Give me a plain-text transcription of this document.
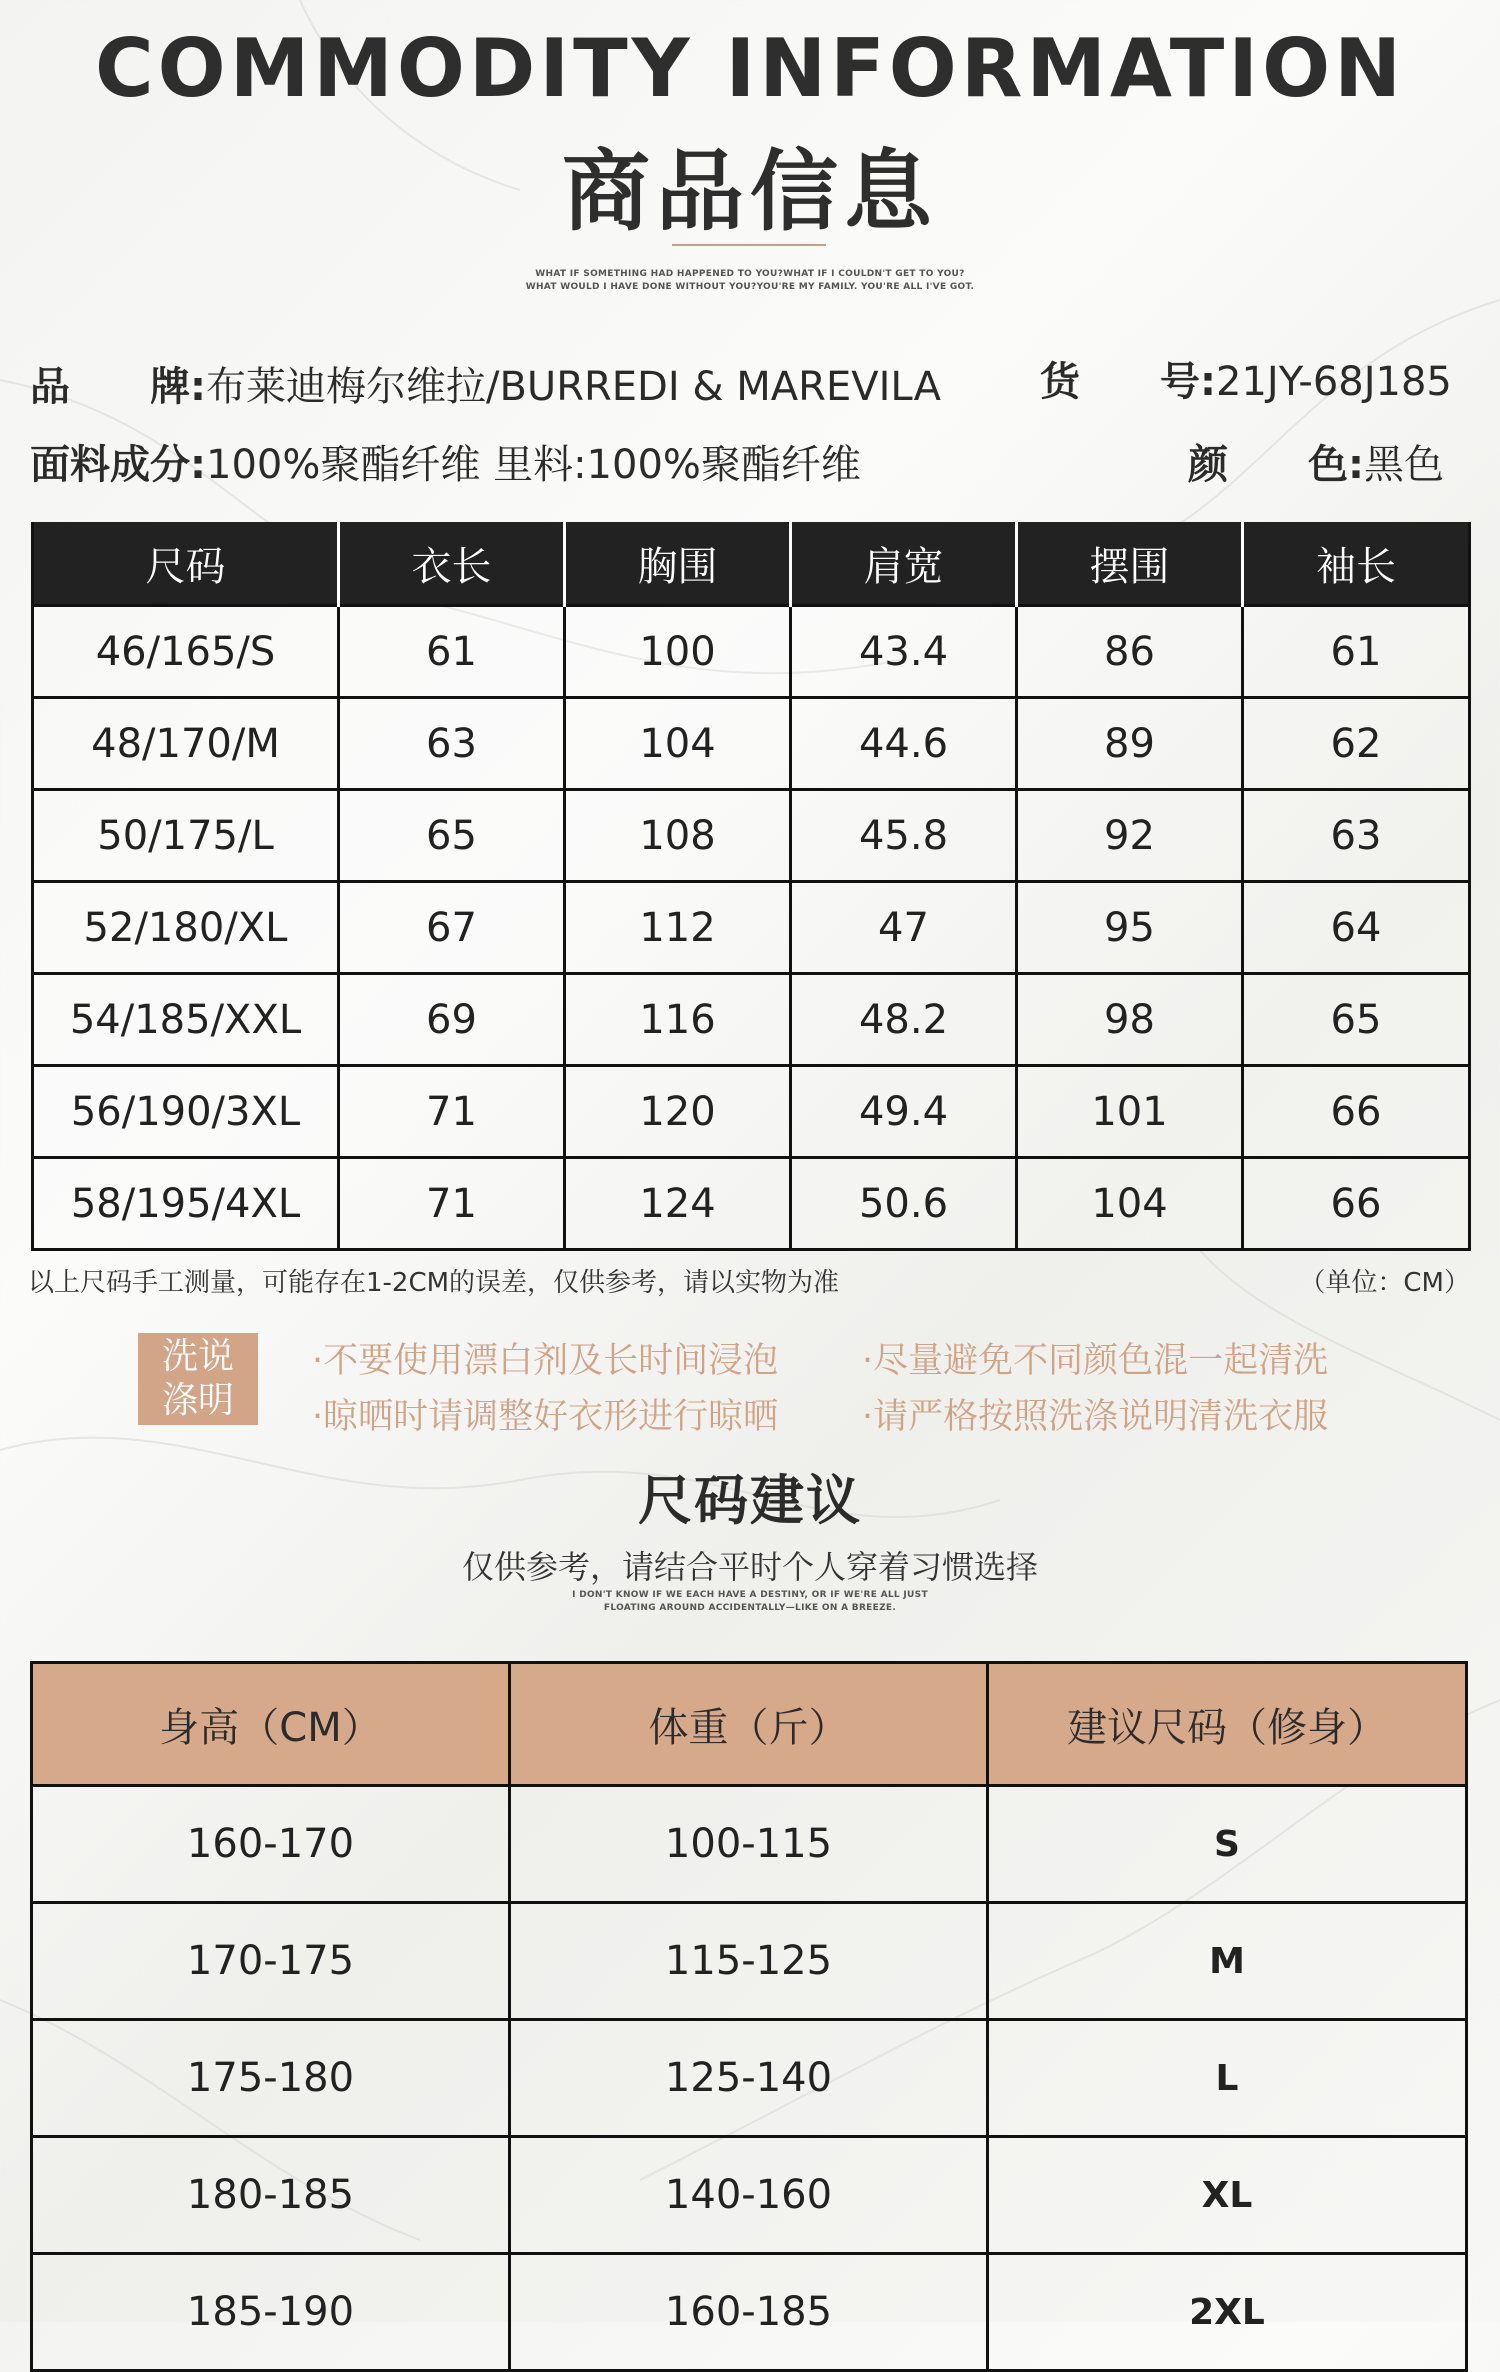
COMMODITY INFORMATION
商品信息
WHAT IF SOMETHING HAD HAPPENED TO YOU?WHAT IF I COULDN'T GET TO YOU?
WHAT WOULD I HAVE DONE WITHOUT YOU?YOU'RE MY FAMILY. YOU'RE ALL I'VE GOT.
品　　牌:布莱迪梅尔维拉/BURREDI & MAREVILA 货　　号:21JY-68J185
面料成分:100%聚酯纤维 里料:100%聚酯纤维	颜　　色:黑色
尺码	衣长	胸围	肩宽	摆围	袖长
46/165/S	61	100	43.4	86	61
48/170/M	63	104	44.6	89	62
50/175/L	65	108	45.8	92	63
52/180/XL	67	112	47	95	64
54/185/XXL	69	116	48.2	98	65
56/190/3XL	71	120	49.4	101	66
58/195/4XL	71	124	50.6	104	66
以上尺码手工测量，可能存在1-2CM的误差，仅供参考，请以实物为准	（单位：CM）
洗说
涤明
·不要使用漂白剂及长时间浸泡 ·尽量避免不同颜色混一起清洗
·晾晒时请调整好衣形进行晾晒 ·请严格按照洗涤说明清洗衣服
尺码建议
仅供参考，请结合平时个人穿着习惯选择
I DON'T KNOW IF WE EACH HAVE A DESTINY, OR IF WE'RE ALL JUST
FLOATING AROUND ACCIDENTALLY—LIKE ON A BREEZE.
身高（CM）	体重（斤）	建议尺码（修身）
160-170	100-115	S
170-175	115-125	M
175-180	125-140	L
180-185	140-160	XL
185-190	160-185	2XL
